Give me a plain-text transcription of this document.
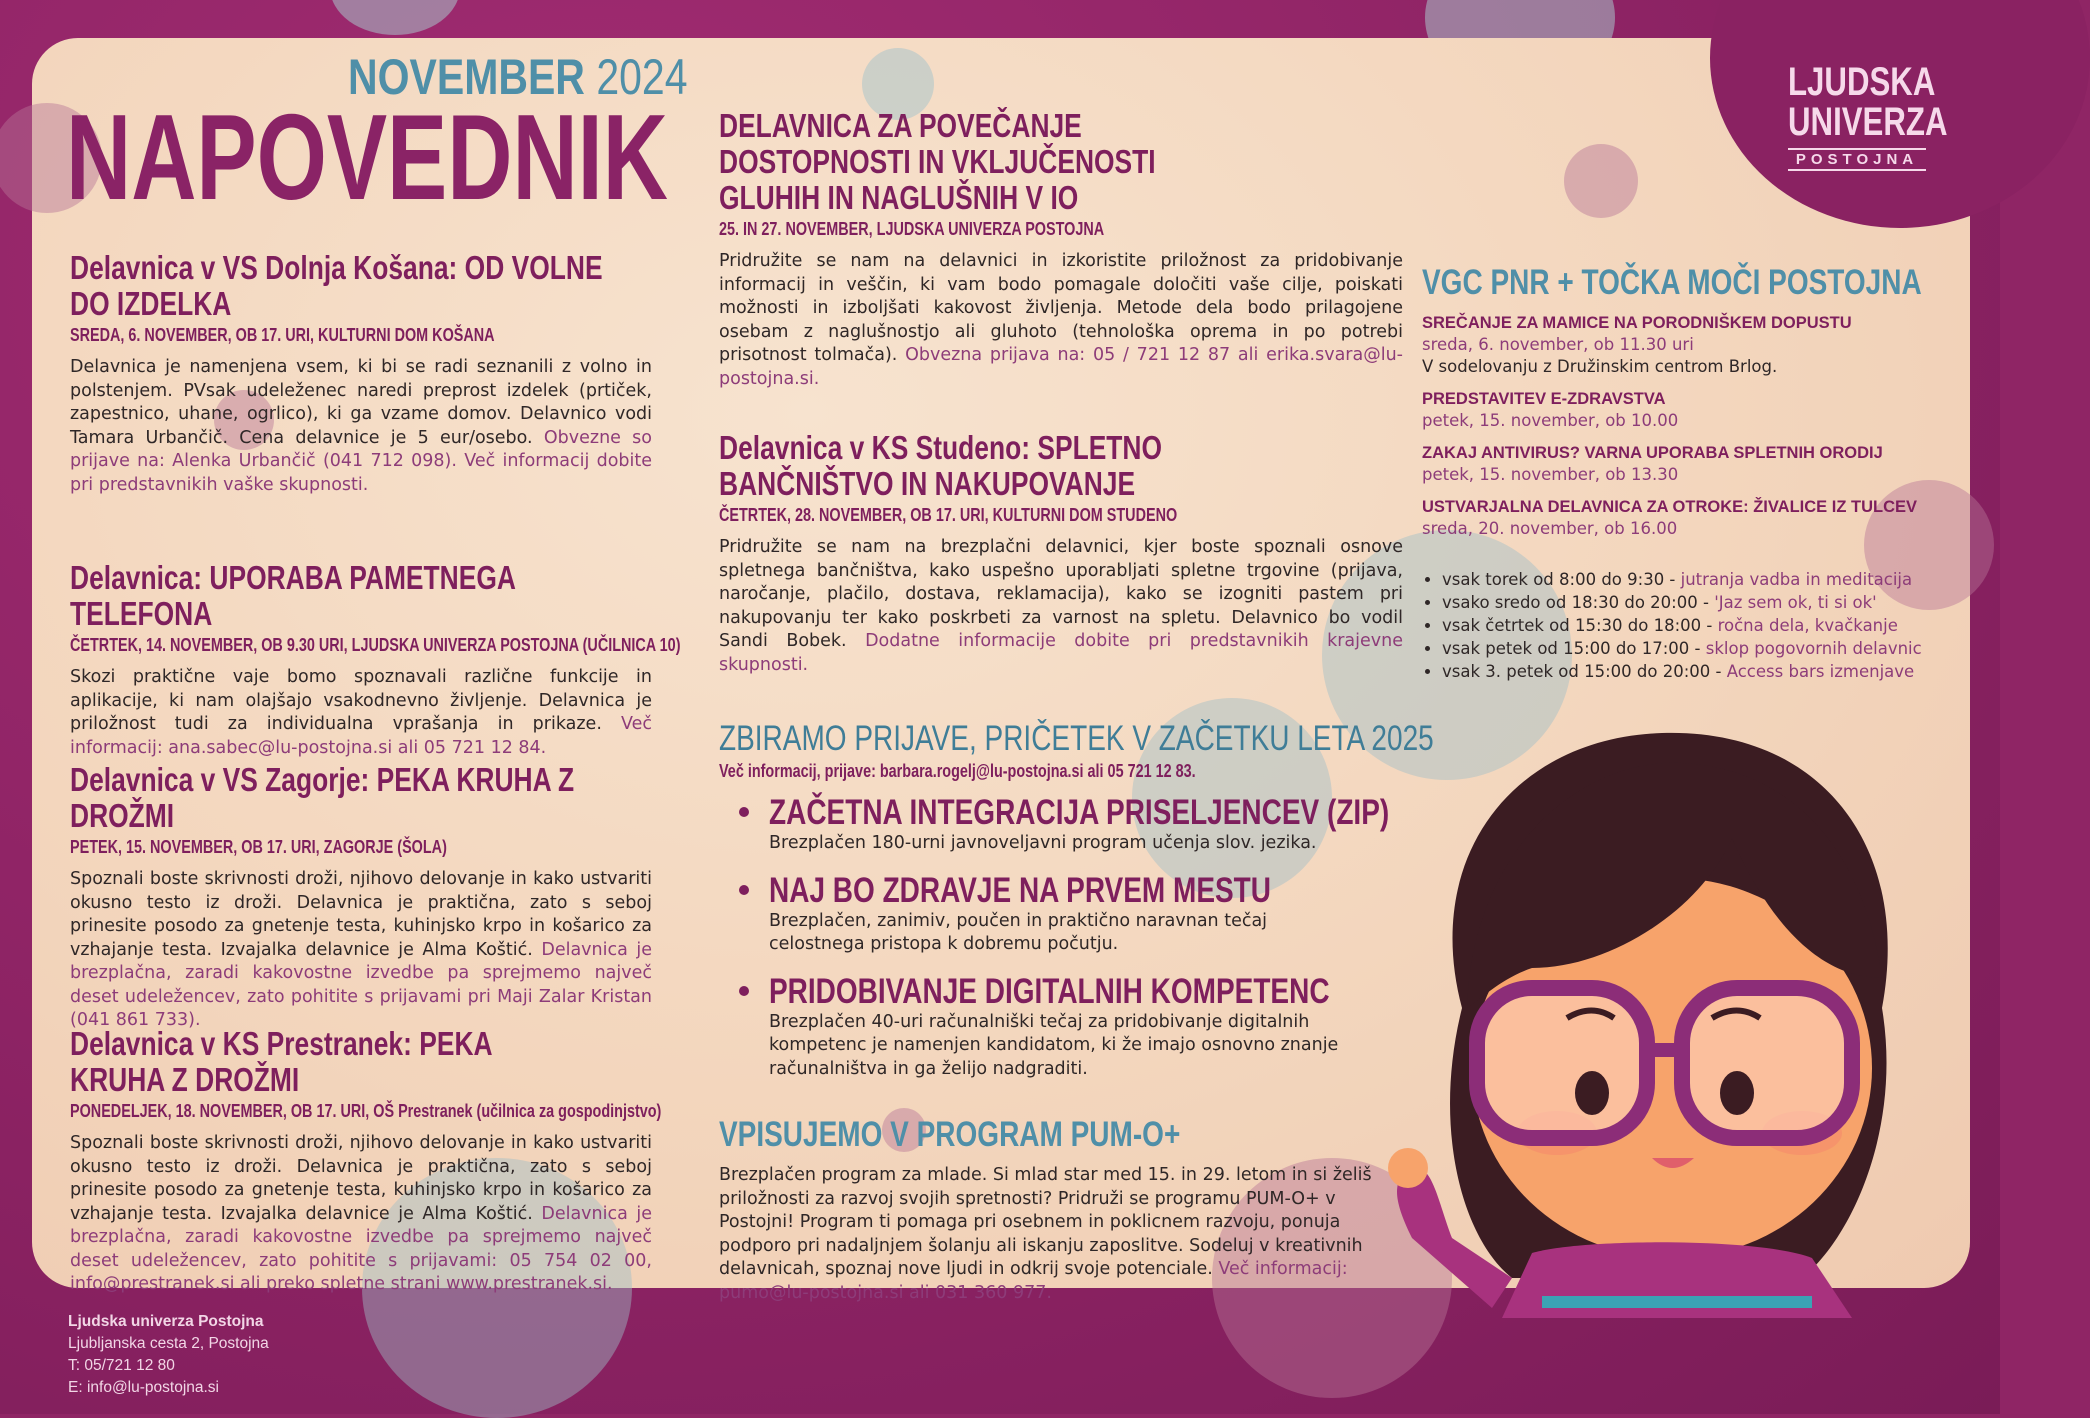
NOVEMBER 2024
NAPOVEDNIK
LJUDSKA
UNIVERZA
POSTOJNA
Delavnica v VS Dolnja Košana: OD VOLNE DO IZDELKA
SREDA, 6. NOVEMBER, OB 17. URI, KULTURNI DOM KOŠANA
Delavnica je namenjena vsem, ki bi se radi seznanili z volno in polstenjem. PVsak udeleženec naredi preprost izdelek (prtiček, zapestnico, uhane, ogrlico), ki ga vzame domov. Delavnico vodi Tamara Urbančič. Cena delavnice je 5 eur/osebo. Obvezne so prijave na: Alenka Urbančič (041 712 098). Več informacij dobite pri predstavnikih vaške skupnosti.
Delavnica: UPORABA PAMETNEGA TELEFONA
ČETRTEK, 14. NOVEMBER, OB 9.30 URI, LJUDSKA UNIVERZA POSTOJNA (UČILNICA 10)
Skozi praktične vaje bomo spoznavali različne funkcije in aplikacije, ki nam olajšajo vsakodnevno življenje. Delavnica je priložnost tudi za individualna vprašanja in prikaze. Več informacij: ana.sabec@lu-postojna.si ali 05 721 12 84.
Delavnica v VS Zagorje: PEKA KRUHA Z DROŽMI
PETEK, 15. NOVEMBER, OB 17. URI, ZAGORJE (ŠOLA)
Spoznali boste skrivnosti droži, njihovo delovanje in kako ustvariti okusno testo iz droži. Delavnica je praktična, zato s seboj prinesite posodo za gnetenje testa, kuhinjsko krpo in košarico za vzhajanje testa. Izvajalka delavnice je Alma Koštić. Delavnica je brezplačna, zaradi kakovostne izvedbe pa sprejmemo največ deset udeležencev, zato pohitite s prijavami pri Maji Zalar Kristan (041 861 733).
Delavnica v KS Prestranek: PEKA KRUHA Z DROŽMI
PONEDELJEK, 18. NOVEMBER, OB 17. URI, OŠ Prestranek (učilnica za gospodinjstvo)
Spoznali boste skrivnosti droži, njihovo delovanje in kako ustvariti okusno testo iz droži. Delavnica je praktična, zato s seboj prinesite posodo za gnetenje testa, kuhinjsko krpo in košarico za vzhajanje testa. Izvajalka delavnice je Alma Koštić. Delavnica je brezplačna, zaradi kakovostne izvedbe pa sprejmemo največ deset udeležencev, zato pohitite s prijavami: 05 754 02 00, info@prestranek.si ali preko spletne strani www.prestranek.si.
DELAVNICA ZA POVEČANJE DOSTOPNOSTI IN VKLJUČENOSTI GLUHIH IN NAGLUŠNIH V IO
25. IN 27. NOVEMBER, LJUDSKA UNIVERZA POSTOJNA
Pridružite se nam na delavnici in izkoristite priložnost za pridobivanje informacij in veščin, ki vam bodo pomagale določiti vaše cilje, poiskati možnosti in izboljšati kakovost življenja. Metode dela bodo prilagojene osebam z naglušnostjo ali gluhoto (tehnološka oprema in po potrebi prisotnost tolmača). Obvezna prijava na: 05 / 721 12 87 ali erika.svara@lu-postojna.si.
Delavnica v KS Studeno: SPLETNO BANČNIŠTVO IN NAKUPOVANJE
ČETRTEK, 28. NOVEMBER, OB 17. URI, KULTURNI DOM STUDENO
Pridružite se nam na brezplačni delavnici, kjer boste spoznali osnove spletnega bančništva, kako uspešno uporabljati spletne trgovine (prijava, naročanje, plačilo, dostava, reklamacija), kako se izogniti pastem pri nakupovanju ter kako poskrbeti za varnost na spletu. Delavnico bo vodil Sandi Bobek. Dodatne informacije dobite pri predstavnikih krajevne skupnosti.
ZBIRAMO PRIJAVE, PRIČETEK V ZAČETKU LETA 2025
Več informacij, prijave: barbara.rogelj@lu-postojna.si ali 05 721 12 83.
ZAČETNA INTEGRACIJA PRISELJENCEV (ZIP)
Brezplačen 180-urni javnoveljavni program učenja slov. jezika.
NAJ BO ZDRAVJE NA PRVEM MESTU
Brezplačen, zanimiv, poučen in praktično naravnan tečaj celostnega pristopa k dobremu počutju.
PRIDOBIVANJE DIGITALNIH KOMPETENC
Brezplačen 40-uri računalniški tečaj za pridobivanje digitalnih kompetenc je namenjen kandidatom, ki že imajo osnovno znanje računalništva in ga želijo nadgraditi.
VPISUJEMO V PROGRAM PUM-O+
Brezplačen program za mlade. Si mlad star med 15. in 29. letom in si želiš priložnosti za razvoj svojih spretnosti? Pridruži se programu PUM-O+ v Postojni! Program ti pomaga pri osebnem in poklicnem razvoju, ponuja podporo pri nadaljnjem šolanju ali iskanju zaposlitve. Sodeluj v kreativnih delavnicah, spoznaj nove ljudi in odkrij svoje potenciale. Več informacij: pumo@lu-postojna.si ali 031 360 977.
VGC PNR + TOČKA MOČI POSTOJNA
SREČANJE ZA MAMICE NA PORODNIŠKEM DOPUSTU
sreda, 6. november, ob 11.30 uri
V sodelovanju z Družinskim centrom Brlog.
PREDSTAVITEV E-ZDRAVSTVA
petek, 15. november, ob 10.00
ZAKAJ ANTIVIRUS? VARNA UPORABA SPLETNIH ORODIJ
petek, 15. november, ob 13.30
USTVARJALNA DELAVNICA ZA OTROKE: ŽIVALICE IZ TULCEV
sreda, 20. november, ob 16.00
• vsak torek od 8:00 do 9:30 - jutranja vadba in meditacija
• vsako sredo od 18:30 do 20:00 - 'Jaz sem ok, ti si ok'
• vsak četrtek od 15:30 do 18:00 - ročna dela, kvačkanje
• vsak petek od 15:00 do 17:00 - sklop pogovornih delavnic
• vsak 3. petek od 15:00 do 20:00 - Access bars izmenjave
Ljudska univerza Postojna
Ljubljanska cesta 2, Postojna
T: 05/721 12 80
E: info@lu-postojna.si
